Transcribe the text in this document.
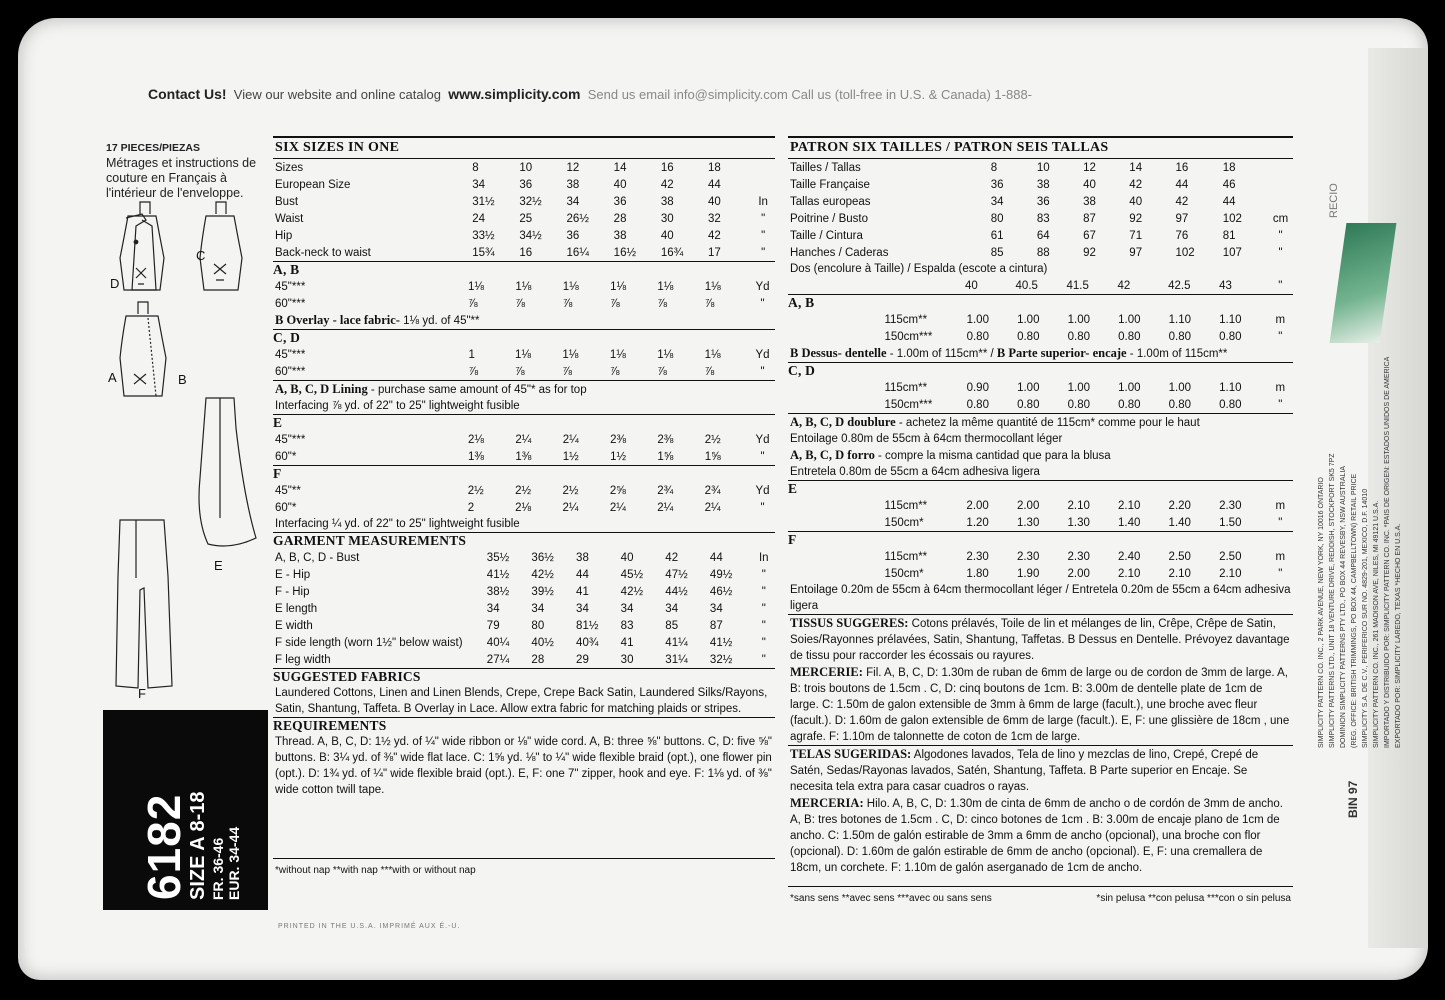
Contact Us! View our website and online catalog www.simplicity.com Send us email info@simplicity.com Call us (toll-free in U.S. & Canada) 1-888-
17 PIECES/PIEZAS
Métrages et instructions de couture en Français à l'intérieur de l'enveloppe.
D
C
A	B
E
F
6182
SIZE A 8-18 FR. 36-46 EUR. 34-44
SIX SIZES IN ONE
Sizes	8	10	12	14	16	18	
European Size	34	36	38	40	42	44	
Bust	31½	32½	34	36	38	40	In
Waist	24	25	26½	28	30	32	"
Hip	33½	34½	36	38	40	42	"
Back-neck to waist	15¾	16	16¼	16½	16¾	17	"
A, B
45"***	1⅛	1⅛	1⅛	1⅛	1⅛	1⅛	Yd
60"***	⅞	⅞	⅞	⅞	⅞	⅞	"
B Overlay - lace fabric- 1⅛ yd. of 45"**
C, D
45"***	1	1⅛	1⅛	1⅛	1⅛	1⅛	Yd
60"***	⅞	⅞	⅞	⅞	⅞	⅞	"
A, B, C, D Lining - purchase same amount of 45"* as for top
Interfacing ⅞ yd. of 22" to 25" lightweight fusible
E
45"***	2⅛	2¼	2¼	2⅜	2⅜	2½	Yd
60"*	1⅜	1⅜	1½	1½	1⅝	1⅝	"
F
45"**	2½	2½	2½	2⅝	2¾	2¾	Yd
60"*	2	2⅛	2¼	2¼	2¼	2¼	"
Interfacing ¼ yd. of 22" to 25" lightweight fusible
GARMENT MEASUREMENTS
A, B, C, D - Bust	35½	36½	38	40	42	44	In
E - Hip	41½	42½	44	45½	47½	49½	"
F - Hip	38½	39½	41	42½	44½	46½	"
E length	34	34	34	34	34	34	"
E width	79	80	81½	83	85	87	"
F side length (worn 1½" below waist)	40¼	40½	40¾	41	41¼	41½	"
F leg width	27¼	28	29	30	31¼	32½	"
SUGGESTED FABRICS
Laundered Cottons, Linen and Linen Blends, Crepe, Crepe Back Satin, Laundered Silks/Rayons, Satin, Shantung, Taffeta. B Overlay in Lace. Allow extra fabric for matching plaids or stripes.
REQUIREMENTS
Thread. A, B, C, D: 1½ yd. of ¼" wide ribbon or ⅛" wide cord. A, B: three ⅝" buttons. C, D: five ⅝" buttons. B: 3¼ yd. of ⅜" wide flat lace. C: 1⅝ yd. ⅛" to ¼" wide flexible braid (opt.), one flower pin (opt.). D: 1¾ yd. of ¼" wide flexible braid (opt.). E, F: one 7" zipper, hook and eye. F: 1⅛ yd. of ⅜" wide cotton twill tape.
*without nap **with nap ***with or without nap
PATRON SIX TAILLES / PATRON SEIS TALLAS
Tailles / Tallas	8	10	12	14	16	18	
Taille Française	36	38	40	42	44	46	
Tallas europeas	34	36	38	40	42	44	
Poitrine / Busto	80	83	87	92	97	102	cm
Taille / Cintura	61	64	67	71	76	81	"
Hanches / Caderas	85	88	92	97	102	107	"
Dos (encolure à Taille) / Espalda (escote a cintura)
	40	40.5	41.5	42	42.5	43	"
A, B
	115cm**	1.00	1.00	1.00	1.00	1.10	1.10	m
	150cm***	0.80	0.80	0.80	0.80	0.80	0.80	"
B Dessus- dentelle - 1.00m of 115cm** / B Parte superior- encaje - 1.00m of 115cm**
C, D
	115cm**	0.90	1.00	1.00	1.00	1.00	1.10	m
	150cm***	0.80	0.80	0.80	0.80	0.80	0.80	"
A, B, C, D doublure - achetez la même quantité de 115cm* comme pour le haut
Entoilage 0.80m de 55cm à 64cm thermocollant léger
A, B, C, D forro - compre la misma cantidad que para la blusa
Entretela 0.80m de 55cm a 64cm adhesiva ligera
E
	115cm**	2.00	2.00	2.10	2.10	2.20	2.30	m
	150cm*	1.20	1.30	1.30	1.40	1.40	1.50	"
F
	115cm**	2.30	2.30	2.30	2.40	2.50	2.50	m
	150cm*	1.80	1.90	2.00	2.10	2.10	2.10	"
Entoilage 0.20m de 55cm à 64cm thermocollant léger / Entretela 0.20m de 55cm a 64cm adhesiva ligera
TISSUS SUGGERES: Cotons prélavés, Toile de lin et mélanges de lin, Crêpe, Crêpe de Satin, Soies/Rayonnes prélavées, Satin, Shantung, Taffetas. B Dessus en Dentelle. Prévoyez davantage de tissu pour raccorder les écossais ou rayures.
MERCERIE: Fil. A, B, C, D: 1.30m de ruban de 6mm de large ou de cordon de 3mm de large. A, B: trois boutons de 1.5cm . C, D: cinq boutons de 1cm. B: 3.00m de dentelle plate de 1cm de large. C: 1.50m de galon extensible de 3mm à 6mm de large (facult.), une broche avec fleur (facult.). D: 1.60m de galon extensible de 6mm de large (facult.). E, F: une glissière de 18cm , une agrafe. F: 1.10m de talonnette de coton de 1cm de large.
TELAS SUGERIDAS: Algodones lavados, Tela de lino y mezclas de lino, Crepé, Crepé de Satén, Sedas/Rayonas lavados, Satén, Shantung, Taffeta. B Parte superior en Encaje. Se necesita tela extra para casar cuadros o rayas.
MERCERIA: Hilo. A, B, C, D: 1.30m de cinta de 6mm de ancho o de cordón de 3mm de ancho. A, B: tres botones de 1.5cm . C, D: cinco botones de 1cm . B: 3.00m de encaje plano de 1cm de ancho. C: 1.50m de galón estirable de 3mm a 6mm de ancho (opcional), una broche con flor (opcional). D: 1.60m de galón estirable de 6mm de ancho (opcional). E, F: una cremallera de 18cm, un corchete. F: 1.10m de galón aserganado de 1cm de ancho.
*sans sens **avec sens ***avec ou sans sens	*sin pelusa **con pelusa ***con o sin pelusa
RECIO
SIMPLICITY PATTERN CO. INC., 2 PARK AVENUE, NEW YORK, NY 10016 ONTARIO SIMPLICITY PATTERNS LTD., UNIT 18 VENTURE DRIVE, REDDISH, STOCKPORT SK5 7PZ DOMINION SIMPLICITY PATTERNS PTY LTD., PO BOX 44 REVESBY, NSW AUSTRALIA (REG. OFFICE: BRITISH TRIMMINGS, PO BOX 44, CAMPBELLTOWN) RETAIL PRICE SIMPLICITY S.A. DE C.V., PERIFERICO SUR NO. 4829-201, MEXICO, D.F. 14010 SIMPLICITY PATTERN CO. INC., 261 MADISON AVE, NILES, MI 49121 U.S.A. IMPORTADO Y DISTRIBUIDO POR: SIMPLICITY PATTERN CO. INC. *PAIS DE ORIGEN: ESTADOS UNIDOS DE AMERICA EXPORTADO POR: SIMPLICITY LAREDO, TEXAS *HECHO EN U.S.A.
BIN 97
PRINTED IN THE U.S.A. IMPRIMÉ AUX É.-U.
